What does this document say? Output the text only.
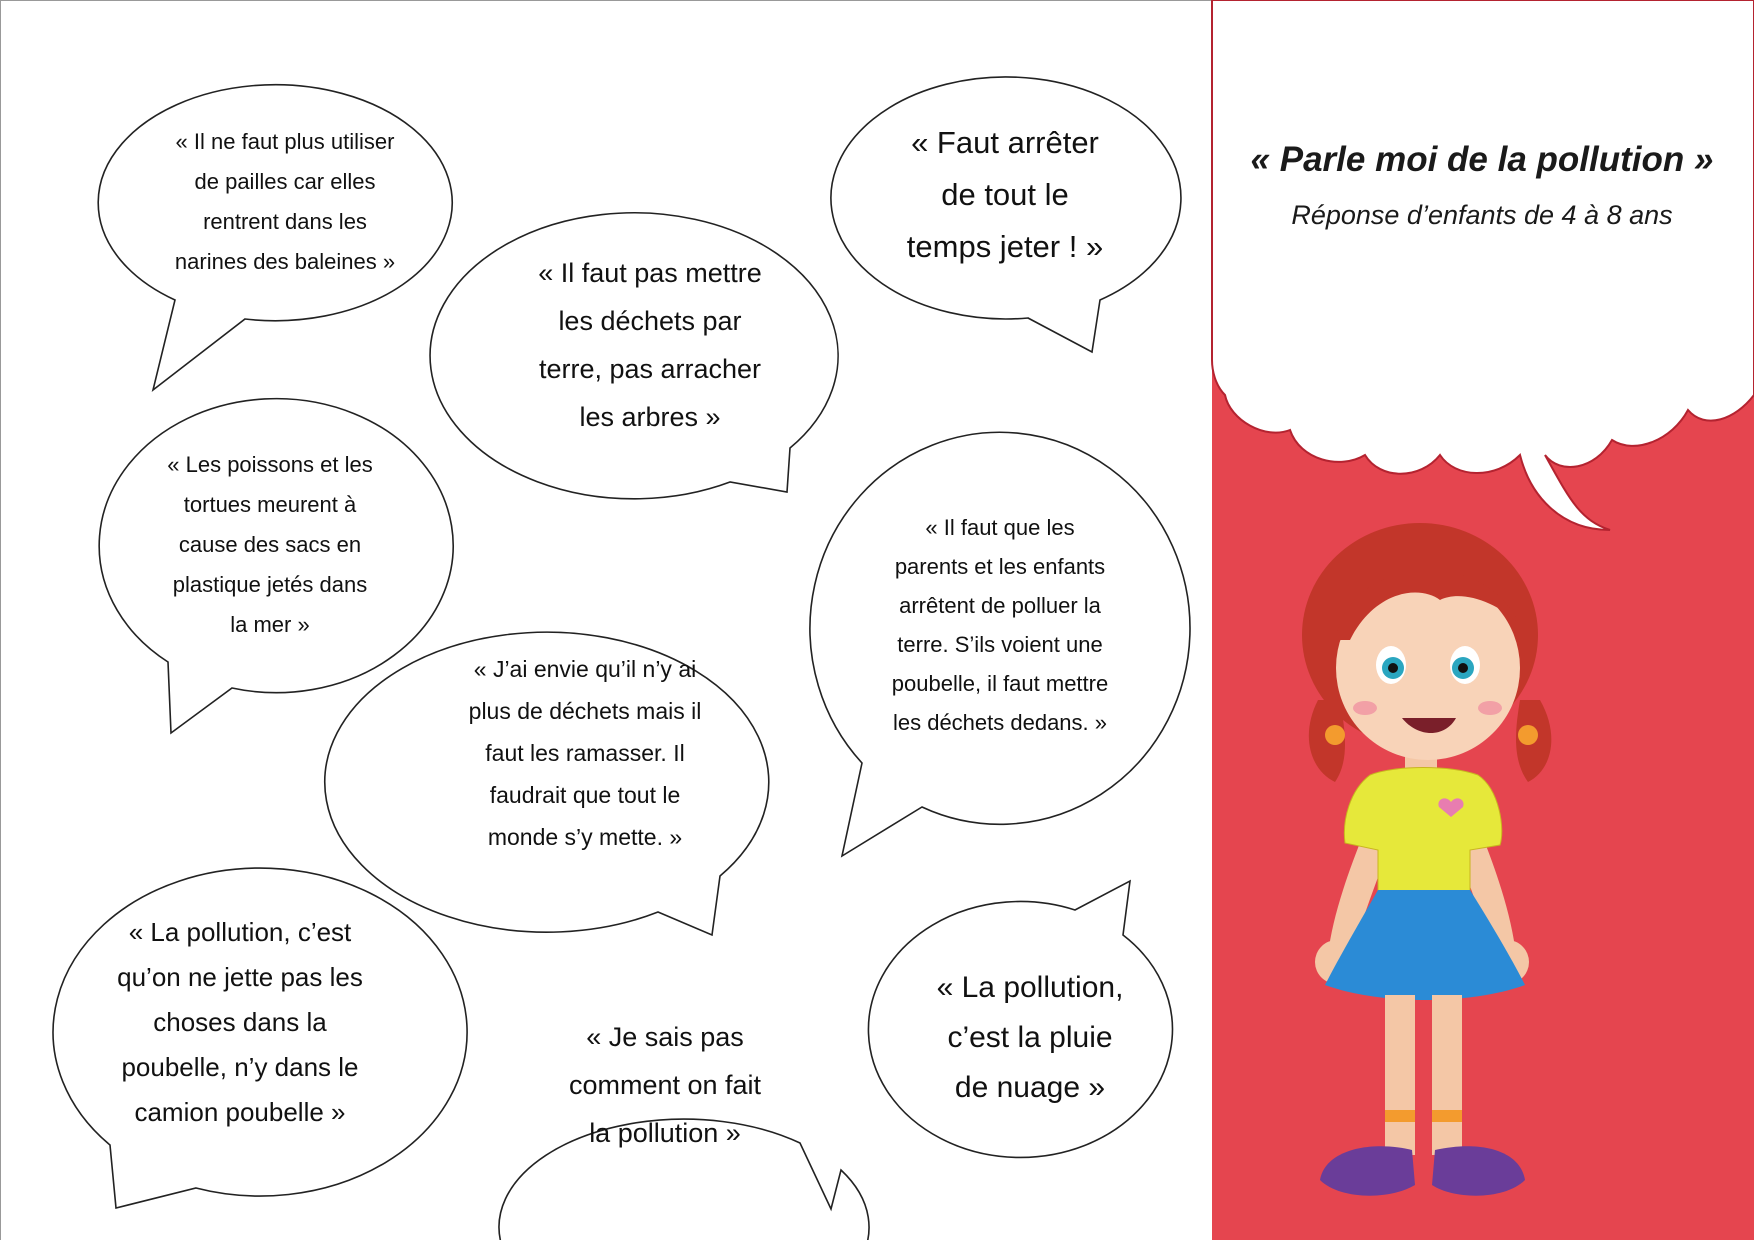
« Il ne faut plus utiliser
de pailles car elles
rentrent dans les
narines des baleines »	« Il faut pas mettre
les déchets par
terre, pas arracher
les arbres »
« Faut arrêter
de tout le
temps jeter ! »
« Les poissons et les
tortues meurent à
cause des sacs en
plastique jetés dans
la mer »
« Il faut que les
parents et les enfants
arrêtent de polluer la
terre. S’ils voient une
poubelle, il faut mettre
les déchets dedans. »
« J’ai envie qu’il n’y ai
plus de déchets mais il
faut les ramasser. Il
faudrait que tout le
monde s’y mette. »
« La pollution, c’est
qu’on ne jette pas les
choses dans la
poubelle, n’y dans le
camion poubelle »
« Je sais pas
comment on fait
la pollution »
« La pollution,
c’est la pluie
de nuage »
« Parle moi de la pollution »
Réponse d’enfants de 4 à 8 ans
